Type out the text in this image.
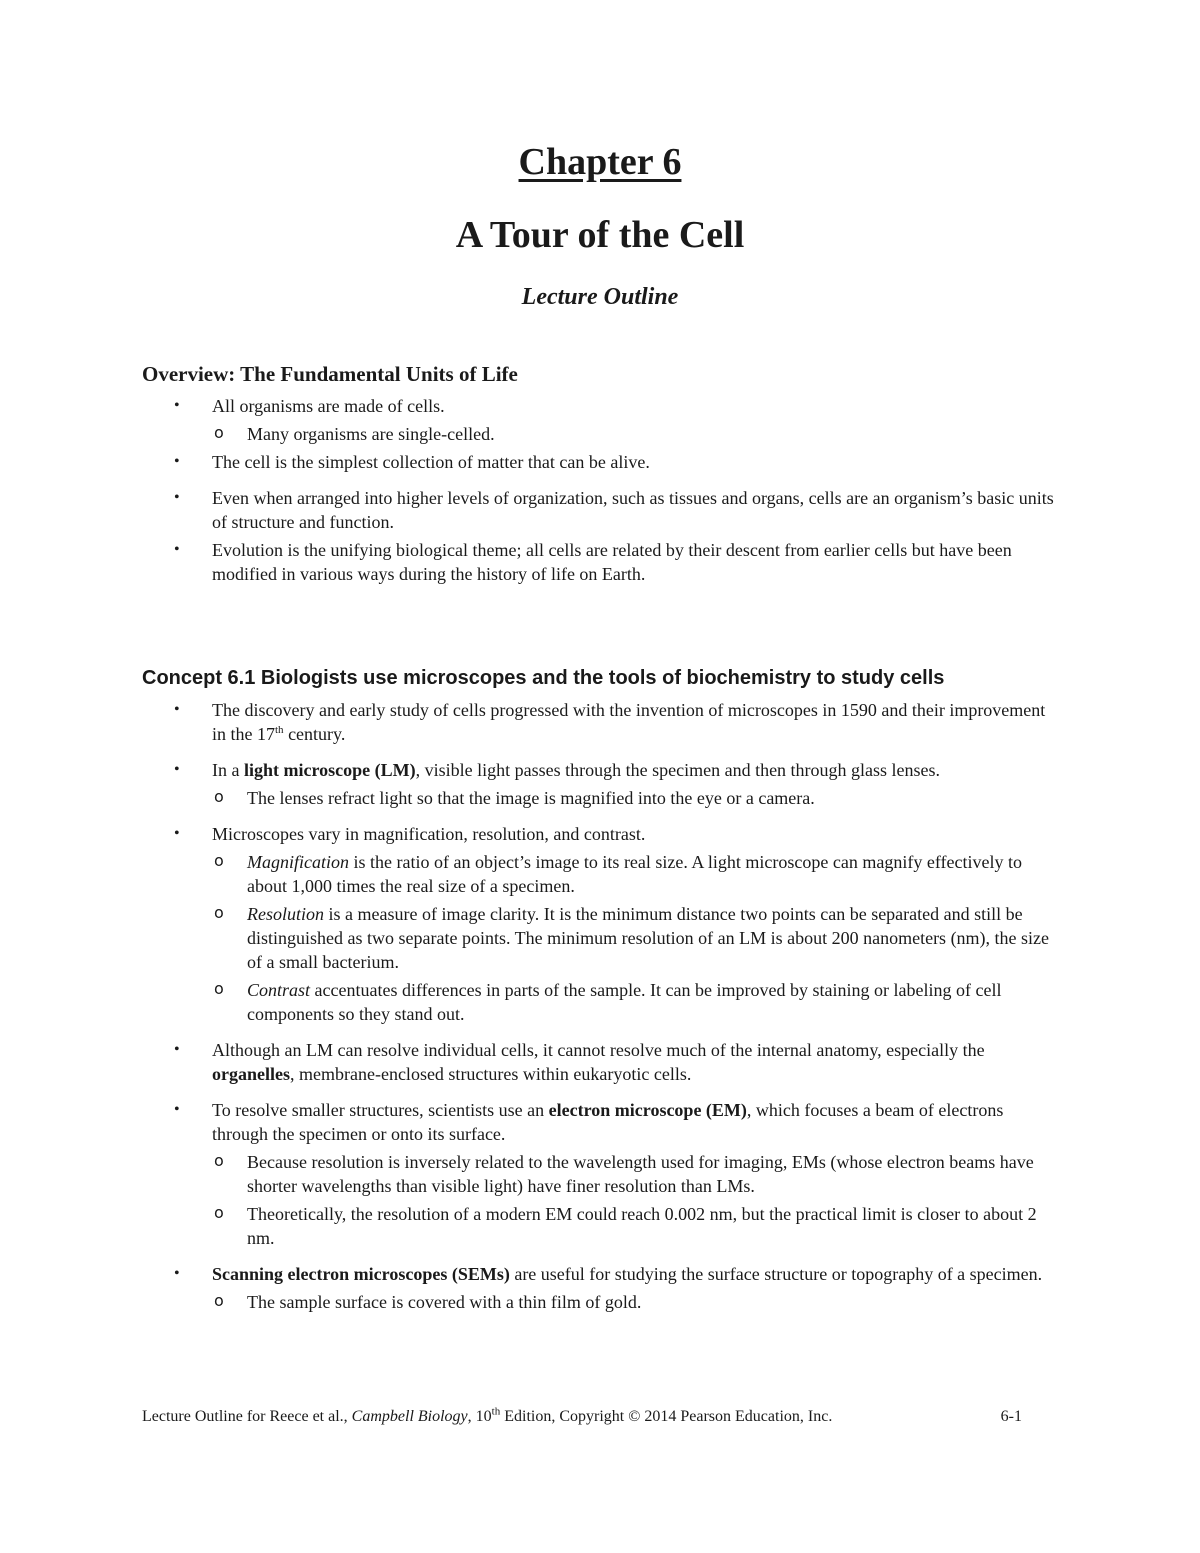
Chapter 6
A Tour of the Cell
Lecture Outline
Overview: The Fundamental Units of Life
• All organisms are made of cells.
o Many organisms are single-celled.
• The cell is the simplest collection of matter that can be alive.
• Even when arranged into higher levels of organization, such as tissues and organs, cells are an organism’s basic units of structure and function.
• Evolution is the unifying biological theme; all cells are related by their descent from earlier cells but have been modified in various ways during the history of life on Earth.
Concept 6.1 Biologists use microscopes and the tools of biochemistry to study cells
• The discovery and early study of cells progressed with the invention of microscopes in 1590 and their improvement in the 17th century.
• In a light microscope (LM), visible light passes through the specimen and then through glass lenses.
o The lenses refract light so that the image is magnified into the eye or a camera.
• Microscopes vary in magnification, resolution, and contrast.
o Magnification is the ratio of an object’s image to its real size. A light microscope can magnify effectively to about 1,000 times the real size of a specimen.
o Resolution is a measure of image clarity. It is the minimum distance two points can be separated and still be distinguished as two separate points. The minimum resolution of an LM is about 200 nanometers (nm), the size of a small bacterium.
o Contrast accentuates differences in parts of the sample. It can be improved by staining or labeling of cell components so they stand out.
• Although an LM can resolve individual cells, it cannot resolve much of the internal anatomy, especially the organelles, membrane-enclosed structures within eukaryotic cells.
• To resolve smaller structures, scientists use an electron microscope (EM), which focuses a beam of electrons through the specimen or onto its surface.
o Because resolution is inversely related to the wavelength used for imaging, EMs (whose electron beams have shorter wavelengths than visible light) have finer resolution than LMs.
o Theoretically, the resolution of a modern EM could reach 0.002 nm, but the practical limit is closer to about 2 nm.
• Scanning electron microscopes (SEMs) are useful for studying the surface structure or topography of a specimen.
o The sample surface is covered with a thin film of gold.
Lecture Outline for Reece et al., Campbell Biology, 10th Edition, Copyright © 2014 Pearson Education, Inc.	6-1
